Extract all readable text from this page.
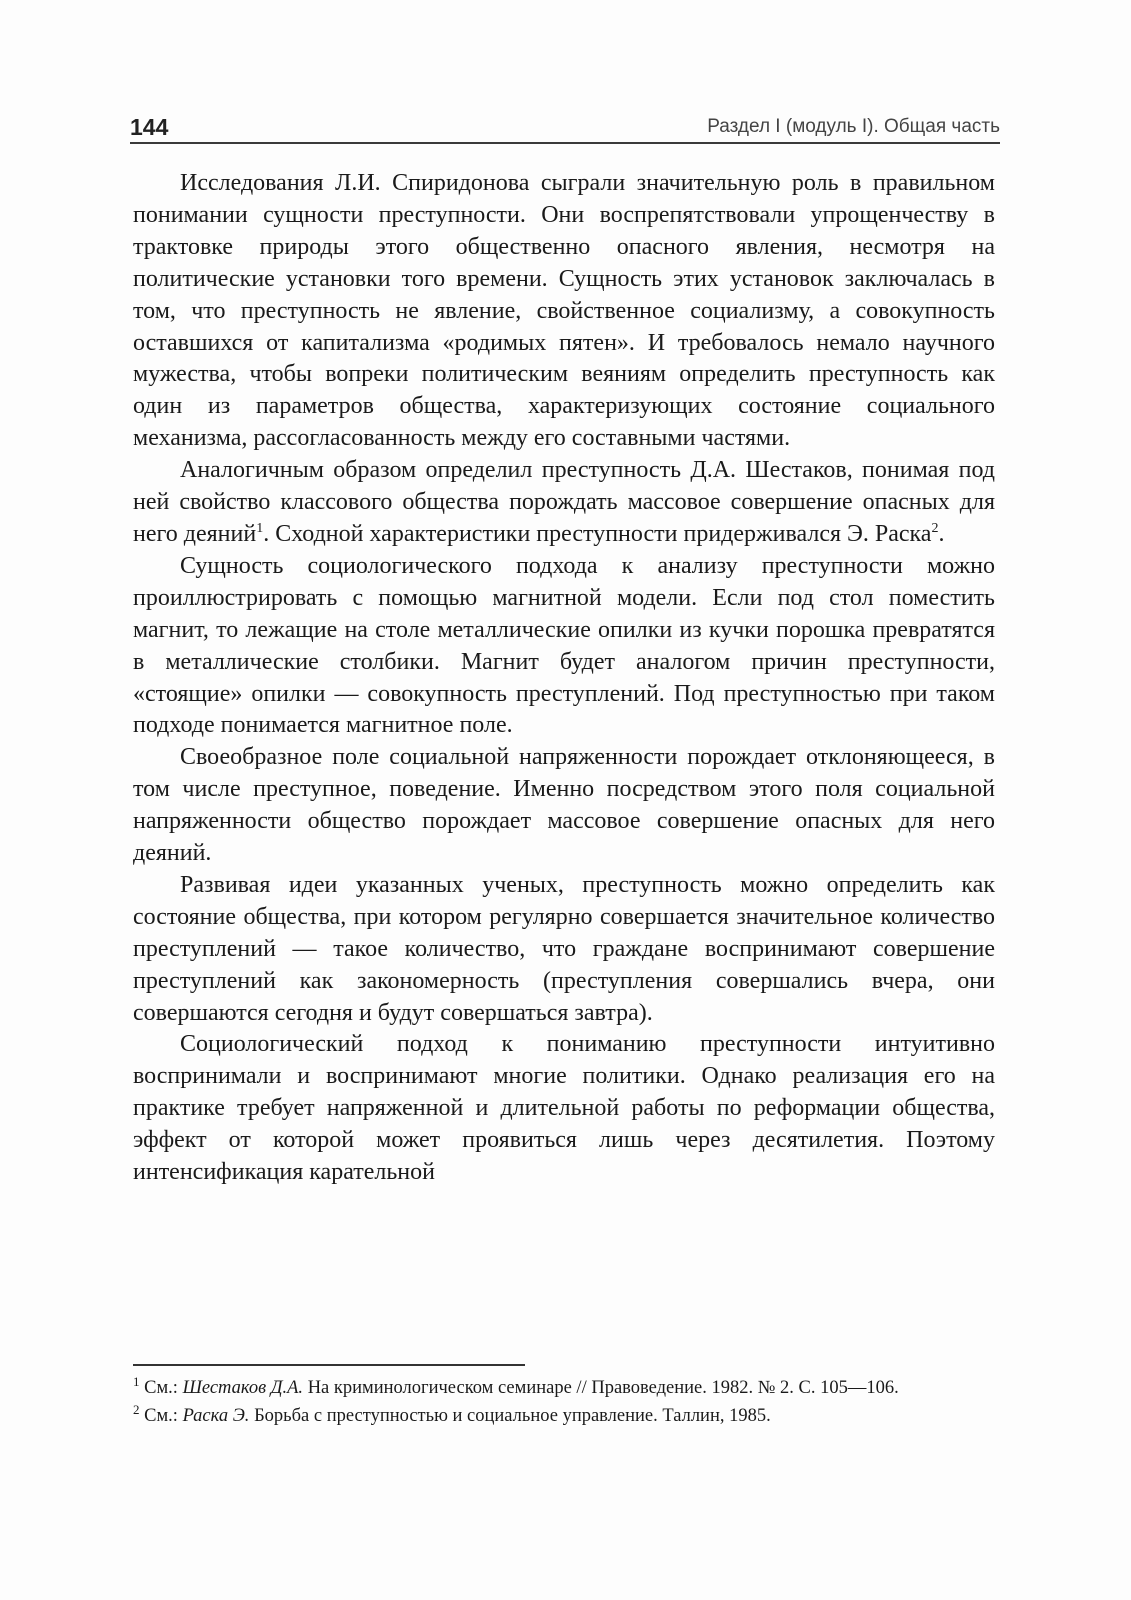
144	Раздел I (модуль I). Общая часть

Исследования Л.И. Спиридонова сыграли значительную роль в правильном понимании сущности преступности. Они воспрепятствовали упрощенчеству в трактовке природы этого общественно опасного явления, несмотря на политические установки того времени. Сущность этих установок заключалась в том, что преступность не явление, свойственное социализму, а совокупность оставшихся от капитализма «родимых пятен». И требовалось немало научного мужества, чтобы вопреки политическим веяниям определить преступность как один из параметров общества, характеризующих состояние социального механизма, рассогласованность между его составными частями.

Аналогичным образом определил преступность Д.А. Шестаков, понимая под ней свойство классового общества порождать массовое совершение опасных для него деяний$^1$. Сходной характеристики преступности придерживался Э. Раска$^2$.

Сущность социологического подхода к анализу преступности можно проиллюстрировать с помощью магнитной модели. Если под стол поместить магнит, то лежащие на столе металлические опилки из кучки порошка превратятся в металлические столбики. Магнит будет аналогом причин преступности, «стоящие» опилки — совокупность преступлений. Под преступностью при таком подходе понимается магнитное поле.

Своеобразное поле социальной напряженности порождает отклоняющееся, в том числе преступное, поведение. Именно посредством этого поля социальной напряженности общество порождает массовое совершение опасных для него деяний.

Развивая идеи указанных ученых, преступность можно определить как состояние общества, при котором регулярно совершается значительное количество преступлений — такое количество, что граждане воспринимают совершение преступлений как закономерность (преступления совершались вчера, они совершаются сегодня и будут совершаться завтра).

Социологический подход к пониманию преступности интуитивно воспринимали и воспринимают многие политики. Однако реализация его на практике требует напряженной и длительной работы по реформации общества, эффект от которой может проявиться лишь через десятилетия. Поэтому интенсификация карательной

$^1$ См.: Шестаков Д.А. На криминологическом семинаре // Правоведение. 1982. № 2. С. 105—106.

$^2$ См.: Раска Э. Борьба с преступностью и социальное управление. Таллин, 1985.
